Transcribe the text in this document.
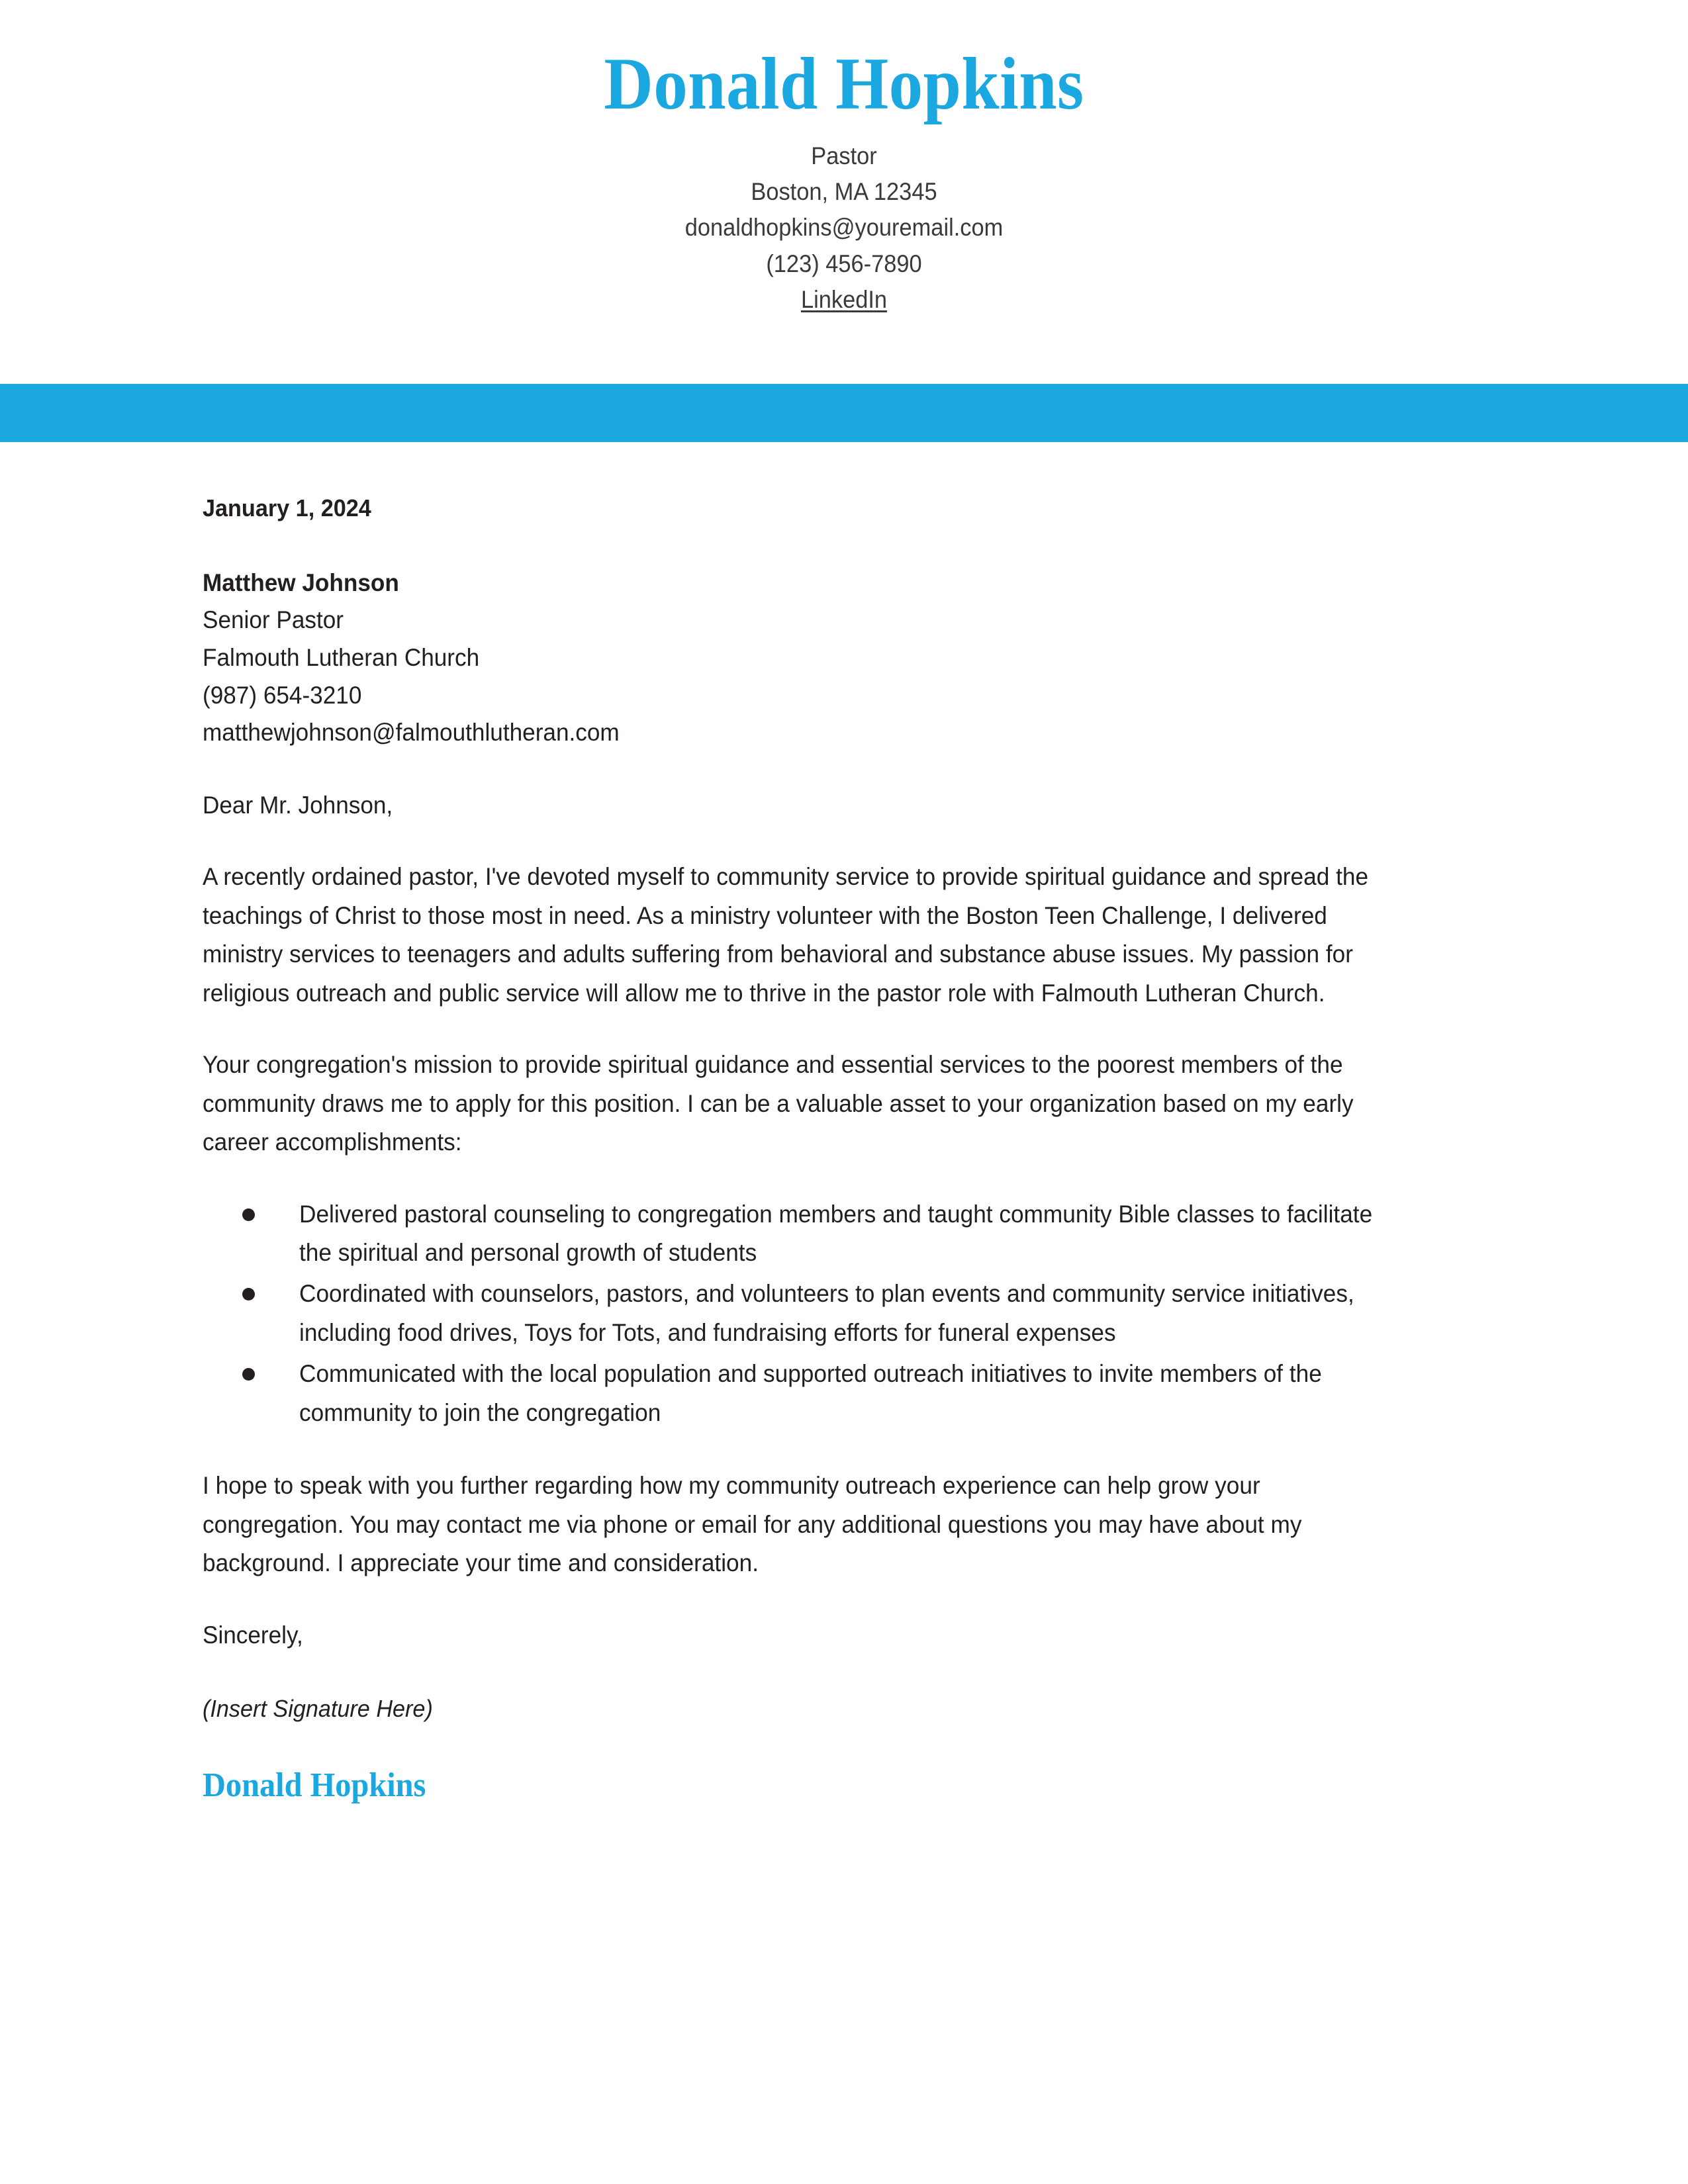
Donald Hopkins
Pastor
Boston, MA 12345
donaldhopkins@youremail.com
(123) 456-7890
LinkedIn

January 1, 2024

Matthew Johnson
Senior Pastor
Falmouth Lutheran Church
(987) 654-3210
matthewjohnson@falmouthlutheran.com

Dear Mr. Johnson,

A recently ordained pastor, I've devoted myself to community service to provide spiritual guidance and spread the teachings of Christ to those most in need. As a ministry volunteer with the Boston Teen Challenge, I delivered ministry services to teenagers and adults suffering from behavioral and substance abuse issues. My passion for religious outreach and public service will allow me to thrive in the pastor role with Falmouth Lutheran Church.

Your congregation's mission to provide spiritual guidance and essential services to the poorest members of the community draws me to apply for this position. I can be a valuable asset to your organization based on my early career accomplishments:

Delivered pastoral counseling to congregation members and taught community Bible classes to facilitate the spiritual and personal growth of students
Coordinated with counselors, pastors, and volunteers to plan events and community service initiatives, including food drives, Toys for Tots, and fundraising efforts for funeral expenses
Communicated with the local population and supported outreach initiatives to invite members of the community to join the congregation

I hope to speak with you further regarding how my community outreach experience can help grow your congregation. You may contact me via phone or email for any additional questions you may have about my background. I appreciate your time and consideration.

Sincerely,

(Insert Signature Here)

Donald Hopkins
